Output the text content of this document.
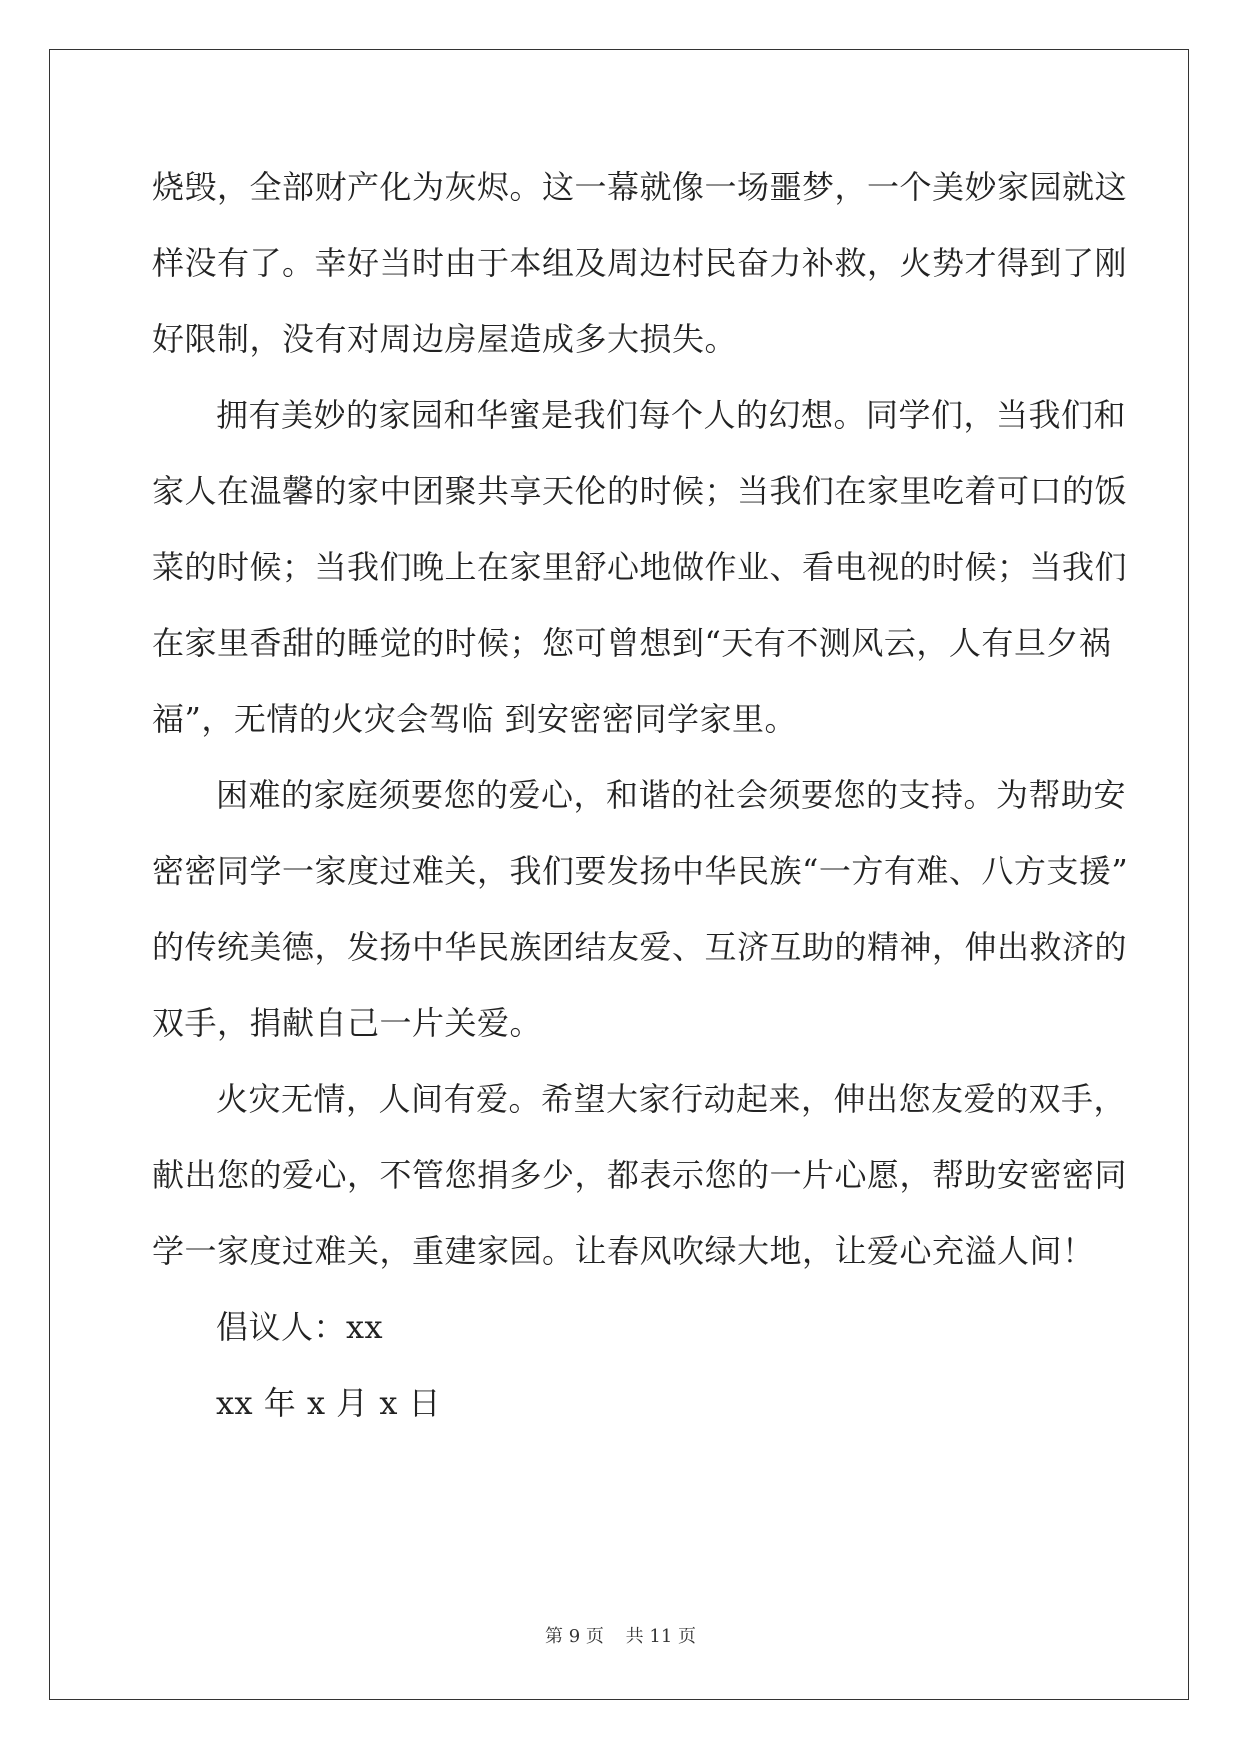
烧毁，全部财产化为灰烬。这一幕就像一场噩梦，一个美妙家园就这
样没有了。幸好当时由于本组及周边村民奋力补救，火势才得到了刚
好限制，没有对周边房屋造成多大损失。
拥有美妙的家园和华蜜是我们每个人的幻想。同学们，当我们和
家人在温馨的家中团聚共享天伦的时候；当我们在家里吃着可口的饭
菜的时候；当我们晚上在家里舒心地做作业、看电视的时候；当我们
在家里香甜的睡觉的时候；您可曾想到“天有不测风云，人有旦夕祸
福”，无情的火灾会驾临 到安密密同学家里。
困难的家庭须要您的爱心，和谐的社会须要您的支持。为帮助安
密密同学一家度过难关，我们要发扬中华民族“一方有难、八方支援”
的传统美德，发扬中华民族团结友爱、互济互助的精神，伸出救济的
双手，捐献自己一片关爱。
火灾无情，人间有爱。希望大家行动起来，伸出您友爱的双手，
献出您的爱心，不管您捐多少，都表示您的一片心愿，帮助安密密同
学一家度过难关，重建家园。让春风吹绿大地，让爱心充溢人间！
倡议人：xx
xx 年 x 月 x 日
第 9 页 共 11 页
